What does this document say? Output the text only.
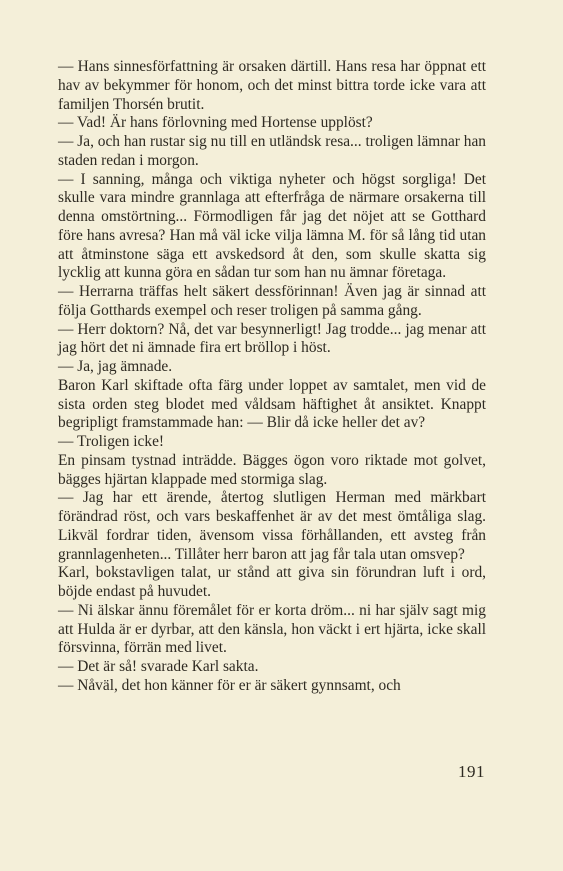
— Hans sinnesförfattning är orsaken därtill. Hans resa har öppnat ett hav av bekymmer för honom, och det minst bittra torde icke vara att familjen Thorsén brutit.

— Vad! Är hans förlovning med Hortense upplöst?

— Ja, och han rustar sig nu till en utländsk resa... troligen lämnar han staden redan i morgon.

— I sanning, många och viktiga nyheter och högst sorgliga! Det skulle vara mindre grannlaga att efterfråga de närmare orsakerna till denna omstörtning... Förmodligen får jag det nöjet att se Gotthard före hans avresa? Han må väl icke vilja lämna M. för så lång tid utan att åtminstone säga ett avskedsord åt den, som skulle skatta sig lycklig att kunna göra en sådan tur som han nu ämnar företaga.

— Herrarna träffas helt säkert dessförinnan! Även jag är sinnad att följa Gotthards exempel och reser troligen på samma gång.

— Herr doktorn? Nå, det var besynnerligt! Jag trodde... jag menar att jag hört det ni ämnade fira ert bröllop i höst.

— Ja, jag ämnade.

Baron Karl skiftade ofta färg under loppet av samtalet, men vid de sista orden steg blodet med våldsam häftighet åt ansiktet. Knappt begripligt framstammade han: — Blir då icke heller det av?

— Troligen icke!

En pinsam tystnad inträdde. Bägges ögon voro riktade mot golvet, bägges hjärtan klappade med stormiga slag.

— Jag har ett ärende, återtog slutligen Herman med märkbart förändrad röst, och vars beskaffenhet är av det mest ömtåliga slag. Likväl fordrar tiden, ävensom vissa förhållanden, ett avsteg från grannlagenheten... Tillåter herr baron att jag får tala utan omsvep?

Karl, bokstavligen talat, ur stånd att giva sin förundran luft i ord, böjde endast på huvudet.

— Ni älskar ännu föremålet för er korta dröm... ni har själv sagt mig att Hulda är er dyrbar, att den känsla, hon väckt i ert hjärta, icke skall försvinna, förrän med livet.

— Det är så! svarade Karl sakta.

— Nåväl, det hon känner för er är säkert gynnsamt, och

191
